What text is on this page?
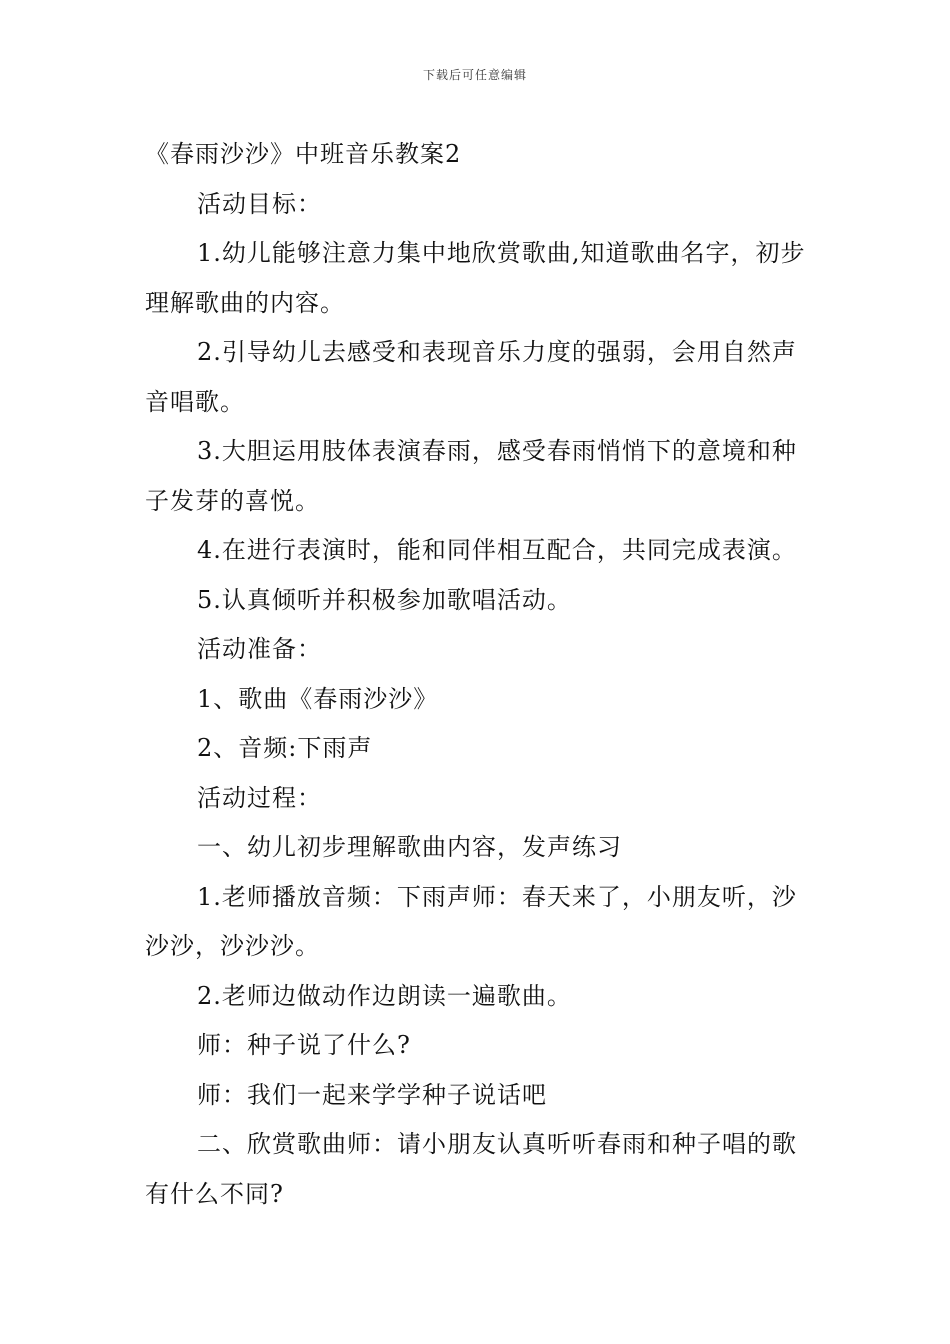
下载后可任意编辑

《春雨沙沙》中班音乐教案2

活动目标：

1.幼儿能够注意力集中地欣赏歌曲,知道歌曲名字，初步理解歌曲的内容。

2.引导幼儿去感受和表现音乐力度的强弱，会用自然声音唱歌。

3.大胆运用肢体表演春雨，感受春雨悄悄下的意境和种子发芽的喜悦。

4.在进行表演时，能和同伴相互配合，共同完成表演。

5.认真倾听并积极参加歌唱活动。

活动准备：

1、歌曲《春雨沙沙》

2、音频:下雨声

活动过程：

一、幼儿初步理解歌曲内容，发声练习

1.老师播放音频：下雨声师：春天来了，小朋友听，沙沙沙，沙沙沙。

2.老师边做动作边朗读一遍歌曲。

师：种子说了什么?

师：我们一起来学学种子说话吧

二、欣赏歌曲师：请小朋友认真听听春雨和种子唱的歌有什么不同?
